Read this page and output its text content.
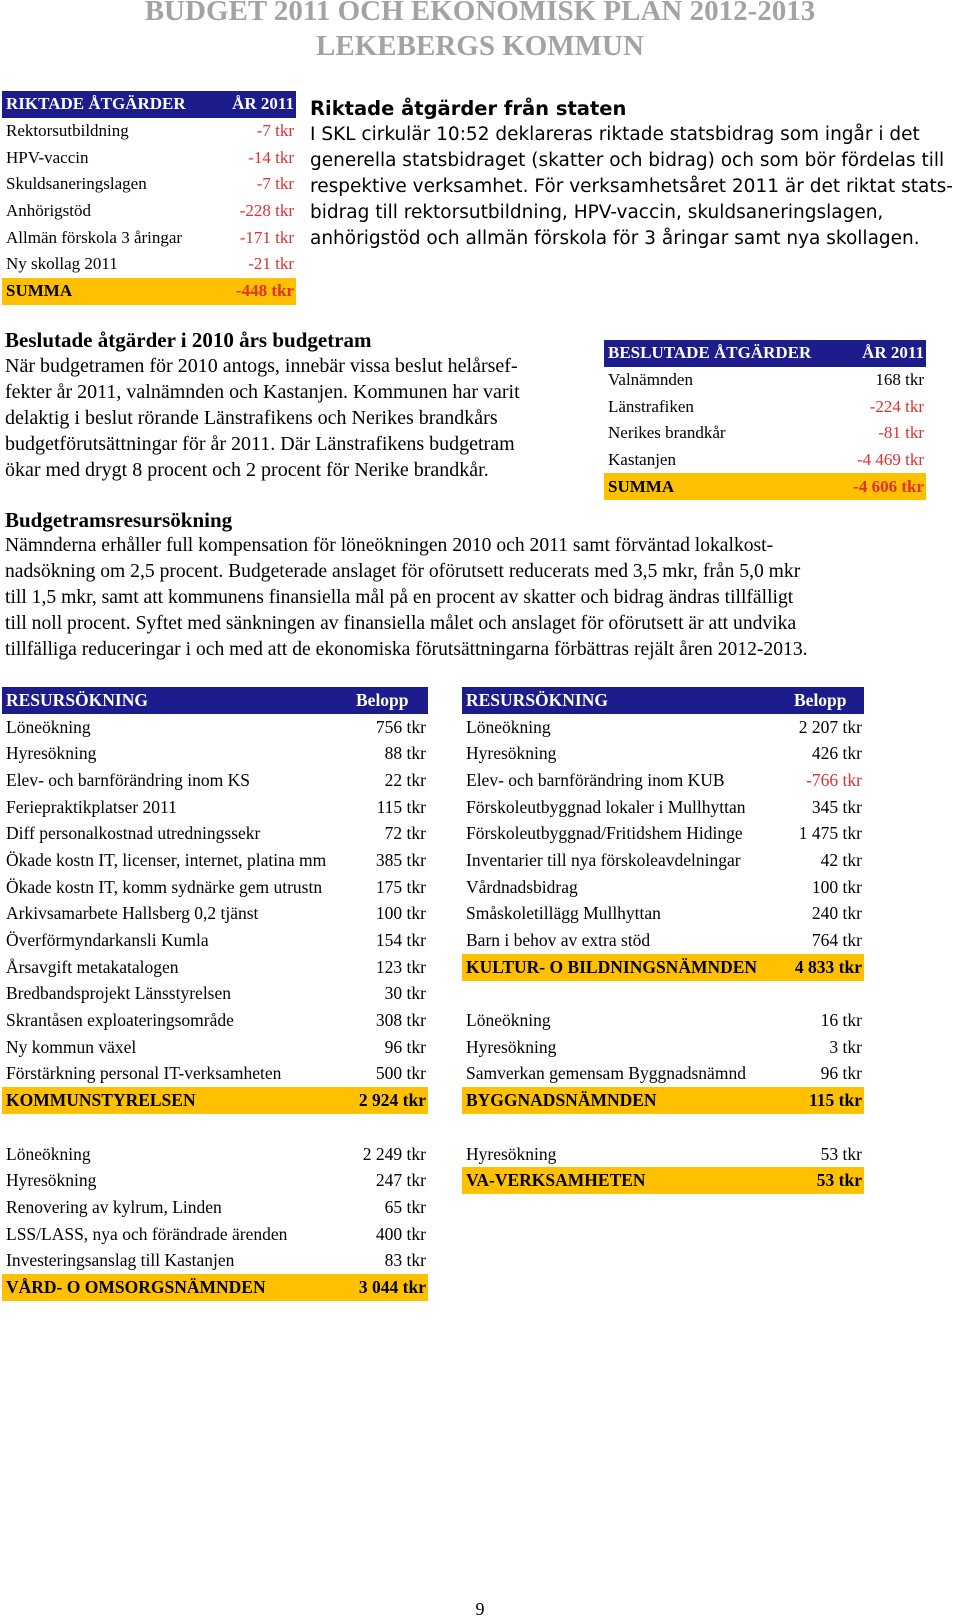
BUDGET 2011 OCH EKONOMISK PLAN 2012-2013
LEKEBERGS KOMMUN
RIKTADE ÅTGÄRDER	ÅR 2011
Rektorsutbildning	-7 tkr
HPV-vaccin	-14 tkr
Skuldsaneringslagen	-7 tkr
Anhörigstöd	-228 tkr
Allmän förskola 3 åringar	-171 tkr
Ny skollag 2011	-21 tkr
SUMMA	-448 tkr
Riktade åtgärder från staten
I SKL cirkulär 10:52 deklareras riktade statsbidrag som ingår i det
generella statsbidraget (skatter och bidrag) och som bör fördelas till
respektive verksamhet. För verksamhetsåret 2011 är det riktat stats-
bidrag till rektorsutbildning, HPV-vaccin, skuldsaneringslagen,
anhörigstöd och allmän förskola för 3 åringar samt nya skollagen.
Beslutade åtgärder i 2010 års budgetram
När budgetramen för 2010 antogs, innebär vissa beslut helårsef-
fekter år 2011, valnämnden och Kastanjen. Kommunen har varit
delaktig i beslut rörande Länstrafikens och Nerikes brandkårs
budgetförutsättningar för år 2011. Där Länstrafikens budgetram
ökar med drygt 8 procent och 2 procent för Nerike brandkår.
BESLUTADE ÅTGÄRDER	ÅR 2011
Valnämnden	168 tkr
Länstrafiken	-224 tkr
Nerikes brandkår	-81 tkr
Kastanjen	-4 469 tkr
SUMMA	-4 606 tkr
Budgetramsresursökning
Nämnderna erhåller full kompensation för löneökningen 2010 och 2011 samt förväntad lokalkost-
nadsökning om 2,5 procent. Budgeterade anslaget för oförutsett reducerats med 3,5 mkr, från 5,0 mkr
till 1,5 mkr, samt att kommunens finansiella mål på en procent av skatter och bidrag ändras tillfälligt
till noll procent. Syftet med sänkningen av finansiella målet och anslaget för oförutsett är att undvika
tillfälliga reduceringar i och med att de ekonomiska förutsättningarna förbättras rejält åren 2012-2013.
RESURSÖKNING	Belopp
Löneökning	756 tkr
Hyresökning	88 tkr
Elev- och barnförändring inom KS	22 tkr
Feriepraktikplatser 2011	115 tkr
Diff personalkostnad utredningssekr	72 tkr
Ökade kostn IT, licenser, internet, platina mm	385 tkr
Ökade kostn IT, komm sydnärke gem utrustn	175 tkr
Arkivsamarbete Hallsberg 0,2 tjänst	100 tkr
Överförmyndarkansli Kumla	154 tkr
Årsavgift metakatalogen	123 tkr
Bredbandsprojekt Länsstyrelsen	30 tkr
Skrantåsen exploateringsområde	308 tkr
Ny kommun växel	96 tkr
Förstärkning personal IT-verksamheten	500 tkr
KOMMUNSTYRELSEN	2 924 tkr

Löneökning	2 249 tkr
Hyresökning	247 tkr
Renovering av kylrum, Linden	65 tkr
LSS/LASS, nya och förändrade ärenden	400 tkr
Investeringsanslag till Kastanjen	83 tkr
VÅRD- O OMSORGSNÄMNDEN	3 044 tkr
RESURSÖKNING	Belopp
Löneökning	2 207 tkr
Hyresökning	426 tkr
Elev- och barnförändring inom KUB	-766 tkr
Förskoleutbyggnad lokaler i Mullhyttan	345 tkr
Förskoleutbyggnad/Fritidshem Hidinge	1 475 tkr
Inventarier till nya förskoleavdelningar	42 tkr
Vårdnadsbidrag	100 tkr
Småskoletillägg Mullhyttan	240 tkr
Barn i behov av extra stöd	764 tkr
KULTUR- O BILDNINGSNÄMNDEN	4 833 tkr

Löneökning	16 tkr
Hyresökning	3 tkr
Samverkan gemensam Byggnadsnämnd	96 tkr
BYGGNADSNÄMNDEN	115 tkr

Hyresökning	53 tkr
VA-VERKSAMHETEN	53 tkr
9
